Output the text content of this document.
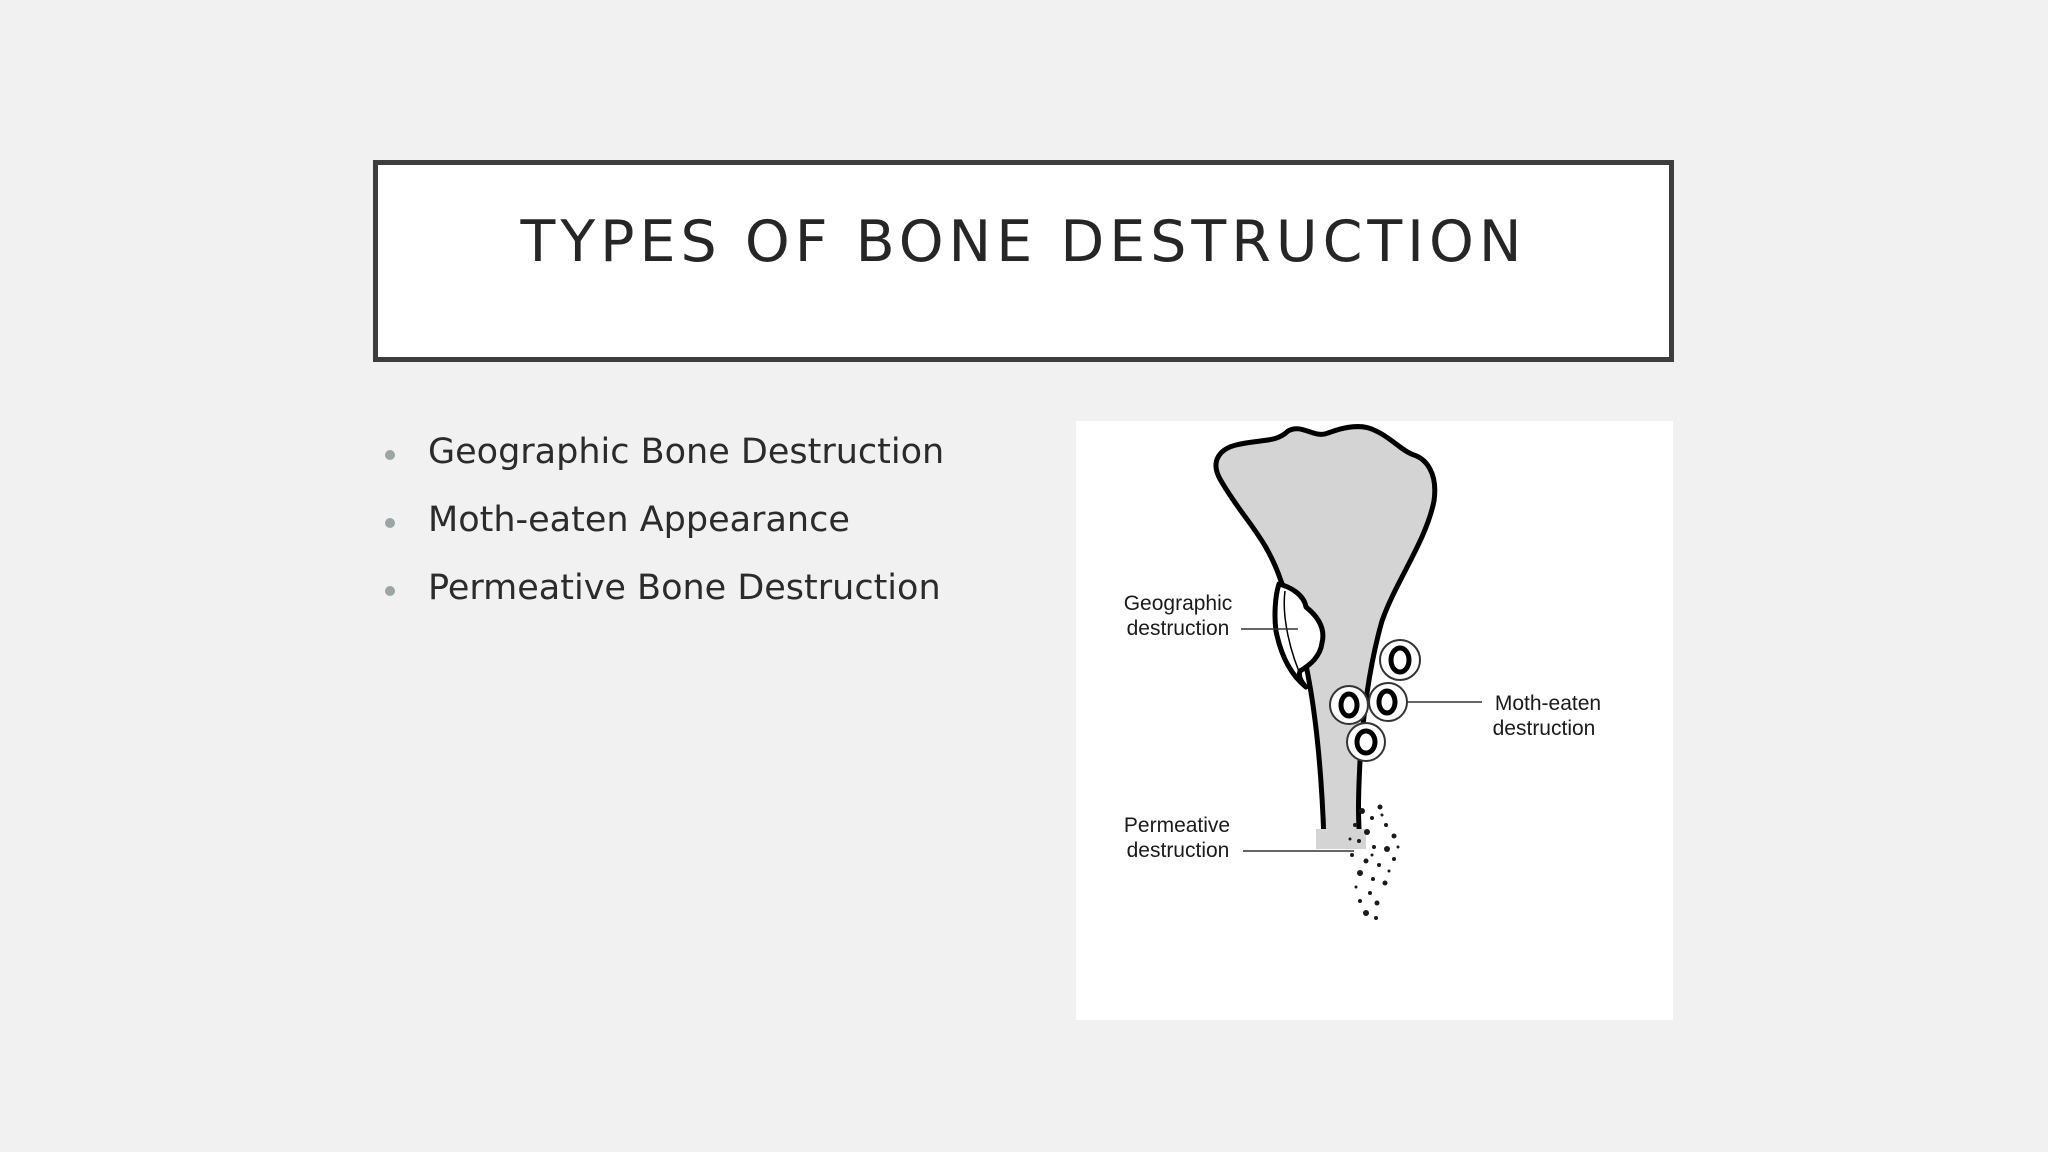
TYPES OF BONE DESTRUCTION
Geographic Bone Destruction
Moth-eaten Appearance
Permeative Bone Destruction	Geographic
destruction
Moth-eaten
destruction
Permeative
destruction
